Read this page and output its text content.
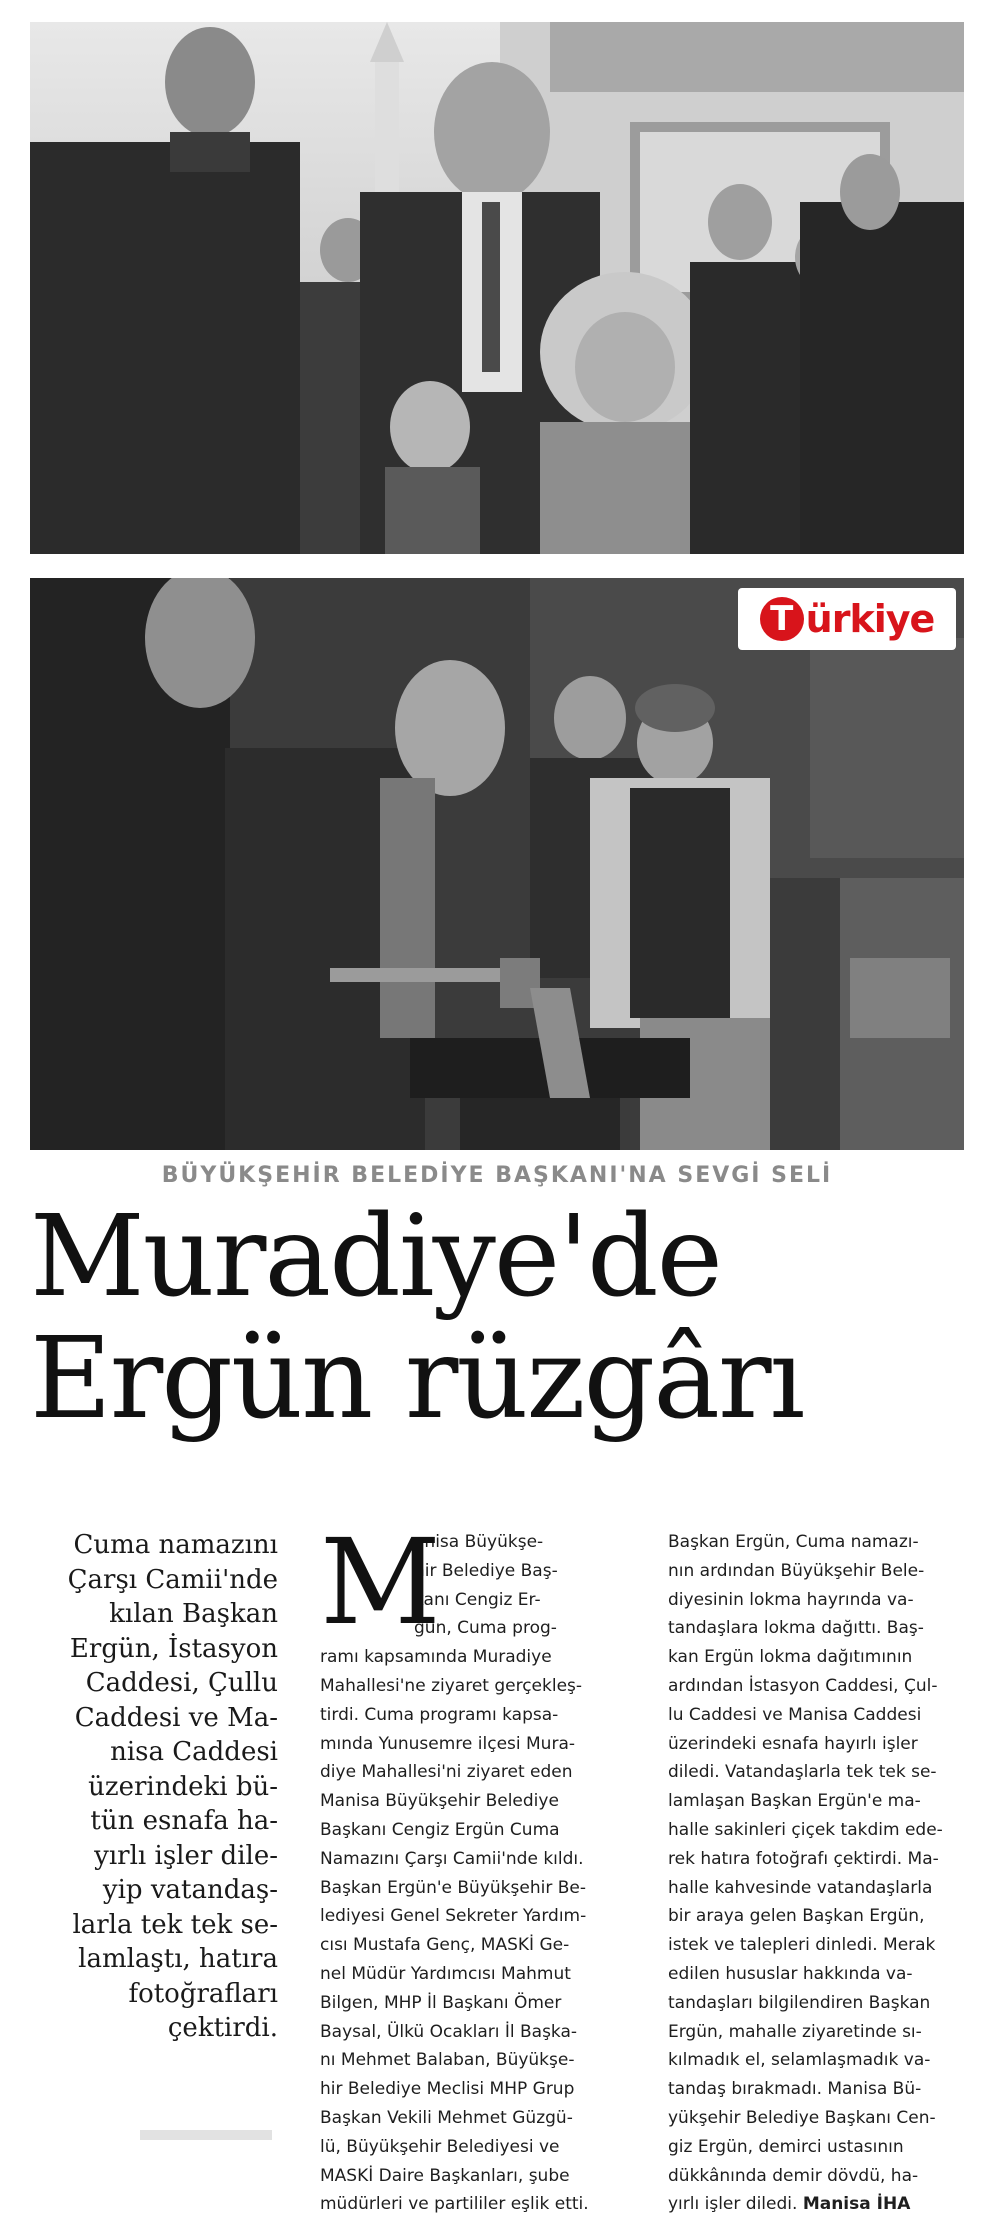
T ürkiye
BÜYÜKŞEHİR BELEDİYE BAŞKANI'NA SEVGİ SELİ
Muradiye'de
Ergün rüzgârı
Cuma namazını
Çarşı Camii'nde
kılan Başkan
Ergün, İstasyon
Caddesi, Çullu
Caddesi ve Ma-
nisa Caddesi
üzerindeki bü-
tün esnafa ha-
yırlı işler dile-
yip vatandaş-
larla tek tek se-
lamlaştı, hatıra
fotoğrafları
çektirdi.
M
anisa Büyükşe-
hir Belediye Baş-
kanı Cengiz Er-
gün, Cuma prog-
ramı kapsamında Muradiye
Mahallesi'ne ziyaret gerçekleş-
tirdi. Cuma programı kapsa-
mında Yunusemre ilçesi Mura-
diye Mahallesi'ni ziyaret eden
Manisa Büyükşehir Belediye
Başkanı Cengiz Ergün Cuma
Namazını Çarşı Camii'nde kıldı.
Başkan Ergün'e Büyükşehir Be-
lediyesi Genel Sekreter Yardım-
cısı Mustafa Genç, MASKİ Ge-
nel Müdür Yardımcısı Mahmut
Bilgen, MHP İl Başkanı Ömer
Baysal, Ülkü Ocakları İl Başka-
nı Mehmet Balaban, Büyükşe-
hir Belediye Meclisi MHP Grup
Başkan Vekili Mehmet Güzgü-
lü, Büyükşehir Belediyesi ve
MASKİ Daire Başkanları, şube
müdürleri ve partililer eşlik etti.
Başkan Ergün, Cuma namazı-
nın ardından Büyükşehir Bele-
diyesinin lokma hayrında va-
tandaşlara lokma dağıttı. Baş-
kan Ergün lokma dağıtımının
ardından İstasyon Caddesi, Çul-
lu Caddesi ve Manisa Caddesi
üzerindeki esnafa hayırlı işler
diledi. Vatandaşlarla tek tek se-
lamlaşan Başkan Ergün'e ma-
halle sakinleri çiçek takdim ede-
rek hatıra fotoğrafı çektirdi. Ma-
halle kahvesinde vatandaşlarla
bir araya gelen Başkan Ergün,
istek ve talepleri dinledi. Merak
edilen hususlar hakkında va-
tandaşları bilgilendiren Başkan
Ergün, mahalle ziyaretinde sı-
kılmadık el, selamlaşmadık va-
tandaş bırakmadı. Manisa Bü-
yükşehir Belediye Başkanı Cen-
giz Ergün, demirci ustasının
dükkânında demir dövdü, ha-
yırlı işler diledi. Manisa İHA
